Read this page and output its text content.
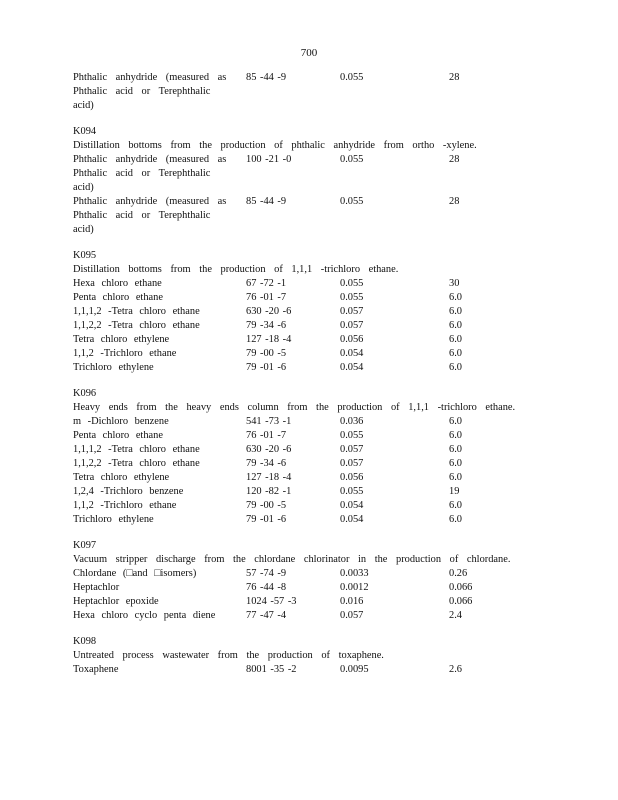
700
Phthalic anhydride (measured as 85 -44 -9	0.055	28
Phthalic acid or Terephthalic
acid)
K094
Distillation bottoms from the production of phthalic anhydride from ortho -xylene.
Phthalic anhydride (measured as 100 -21 -0	0.055	28
Phthalic acid or Terephthalic
acid)
Phthalic anhydride (measured as 85 -44 -9	0.055	28
Phthalic acid or Terephthalic
acid)
K095
Distillation bottoms from the production of 1,1,1 -trichloro ethane.
Hexa chloro ethane	67 -72 -1	0.055	30
Penta chloro ethane	76 -01 -7	0.055	6.0
1,1,1,2 -Tetra chloro ethane	630 -20 -6	0.057	6.0
1,1,2,2 -Tetra chloro ethane	79 -34 -6	0.057	6.0
Tetra chloro ethylene	127 -18 -4	0.056	6.0
1,1,2 -Trichloro ethane	79 -00 -5	0.054	6.0
Trichloro ethylene	79 -01 -6	0.054	6.0
K096
Heavy ends from the heavy ends column from the production of 1,1,1 -trichloro ethane.
m -Dichloro benzene	541 -73 -1	0.036	6.0
Penta chloro ethane	76 -01 -7	0.055	6.0
1,1,1,2 -Tetra chloro ethane	630 -20 -6	0.057	6.0
1,1,2,2 -Tetra chloro ethane	79 -34 -6	0.057	6.0
Tetra chloro ethylene	127 -18 -4	0.056	6.0
1,2,4 -Trichloro benzene	120 -82 -1	0.055	19
1,1,2 -Trichloro ethane	79 -00 -5	0.054	6.0
Trichloro ethylene	79 -01 -6	0.054	6.0
K097
Vacuum stripper discharge from the chlordane chlorinator in the production of chlordane.
Chlordane (□and □isomers)	57 -74 -9	0.0033	0.26
Heptachlor	76 -44 -8	0.0012	0.066
Heptachlor epoxide	1024 -57 -3	0.016	0.066
Hexa chloro cyclo penta diene	77 -47 -4	0.057	2.4
K098
Untreated process wastewater from the production of toxaphene.
Toxaphene	8001 -35 -2	0.0095	2.6
